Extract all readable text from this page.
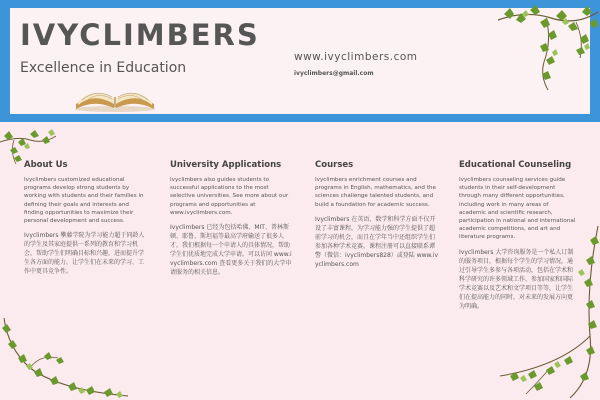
IVYCLIMBERS
Excellence in Education
www.ivyclimbers.com
ivyclimbers@gmail.com
About Us
Ivyclimbers customized educational programs develop strong students by working with students and their families in defining their goals and interests and finding opportunities to maximize their personal development and success.
Ivyclimbers 攀藤学院为学习能力超于同龄人的学生及其家庭提供一系列的教育和学习机会，帮助学生们明确目标和兴趣，进而提升学生各方面的能力，让学生们在未来的学习、工作中更具竞争性。
University Applications
Ivyclimbers also guides students to successful applications to the most selective universities. See more about our programs and opportunities at www.ivyclimbers.com.
Ivyclimbers 已经为包括哈佛、MIT、普林斯顿、耶鲁、斯坦福等最高学府输送了很多人才，我们根据每一个申请人的具体情况，帮助学生们优质地完成大学申请。可以访问 www.ivyclimbers.com 查看更多关于我们的大学申请服务的相关信息。
Courses
Ivyclimbers enrichment courses and programs in English, mathematics, and the sciences challenge talented students, and build a foundation for academic success.
Ivyclimbers 在英语、数学和科学方面不仅开设了丰富课程，为学习能力强的学生提供了超前学习的机会，而且在学年当中还组织学生们参加各种学术竞赛。课程注册可以直接联系谭警（微信：ivyclimbers828）或登陆 www.ivyclimbers.com
Educational Counseling
Ivyclimbers counseling services guide students in their self-development through many different opportunities, including work in many areas of academic and scientific research, participation in national and international academic competitions, and art and literature programs.
Ivyclimbers 大学咨询服务是一个私人订制的服务项目，根据每个学生的学习情况，通过引导学生多参与各项活动，包括在学术和科学研究的许多领域工作、参加国家和国际学术竞赛以及艺术和文学项目等等，让学生们在提高能力的同时，对未来的发展方向更为明确。
